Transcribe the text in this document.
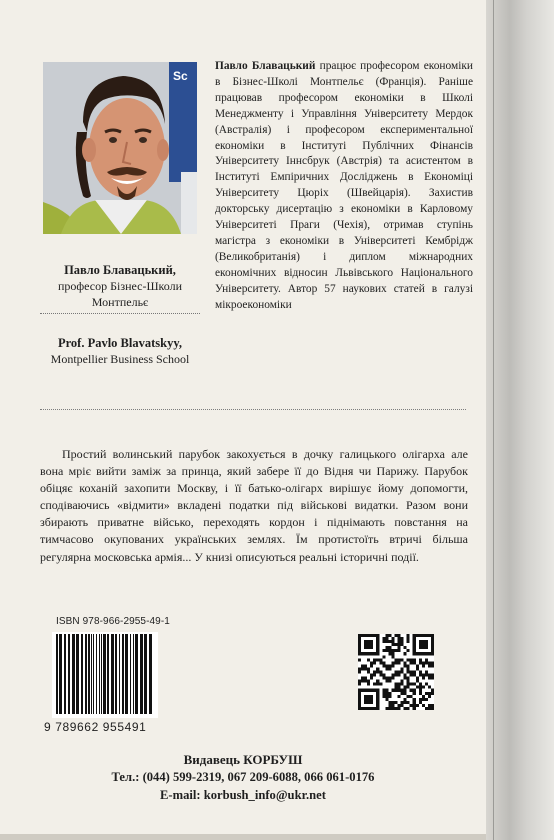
Sc
Павло Блавацький,
професор Бізнес-Школи Монтпельє
Prof. Pavlo Blavatskyy,
Montpellier Business School
Павло Блавацький працює професором економіки в Бізнес-Школі Монтпельє (Франція). Раніше працював професором економіки в Школі Менеджменту і Управління Університету Мердок (Австралія) і професором експериментальної економіки в Інституті Публічних Фінансів Університету Іннсбрук (Австрія) та асистентом в Інституті Емпіричних Досліджень в Економіці Університету Цюріх (Швейцарія). Захистив докторську дисертацію з економіки в Карловому Університеті Праги (Чехія), отримав ступінь магістра з економіки в Університеті Кембрідж (Великобританія) і диплом міжнародних економічних відносин Львівського Національного Університету. Автор 57 наукових статей в галузі мікроекономіки
Простий волинський парубок закохується в дочку галицького олігарха але вона мріє вийти заміж за принца, який забере її до Відня чи Парижу. Парубок обіцяє коханій захопити Москву, і її батько-олігарх вирішує йому допомогти, сподіваючись «відмити» вкладені податки під військові видатки. Разом вони збирають приватне військо, переходять кордон і піднімають повстання на тимчасово окупованих українських землях. Їм протистоїть втричі більша регулярна московська армія... У книзі описуються реальні історичні події.
ISBN 978-966-2955-49-1
9 789662 955491
Видавець КОРБУШ
Тел.: (044) 599-2319, 067 209-6088, 066 061-0176
E-mail: korbush_info@ukr.net
